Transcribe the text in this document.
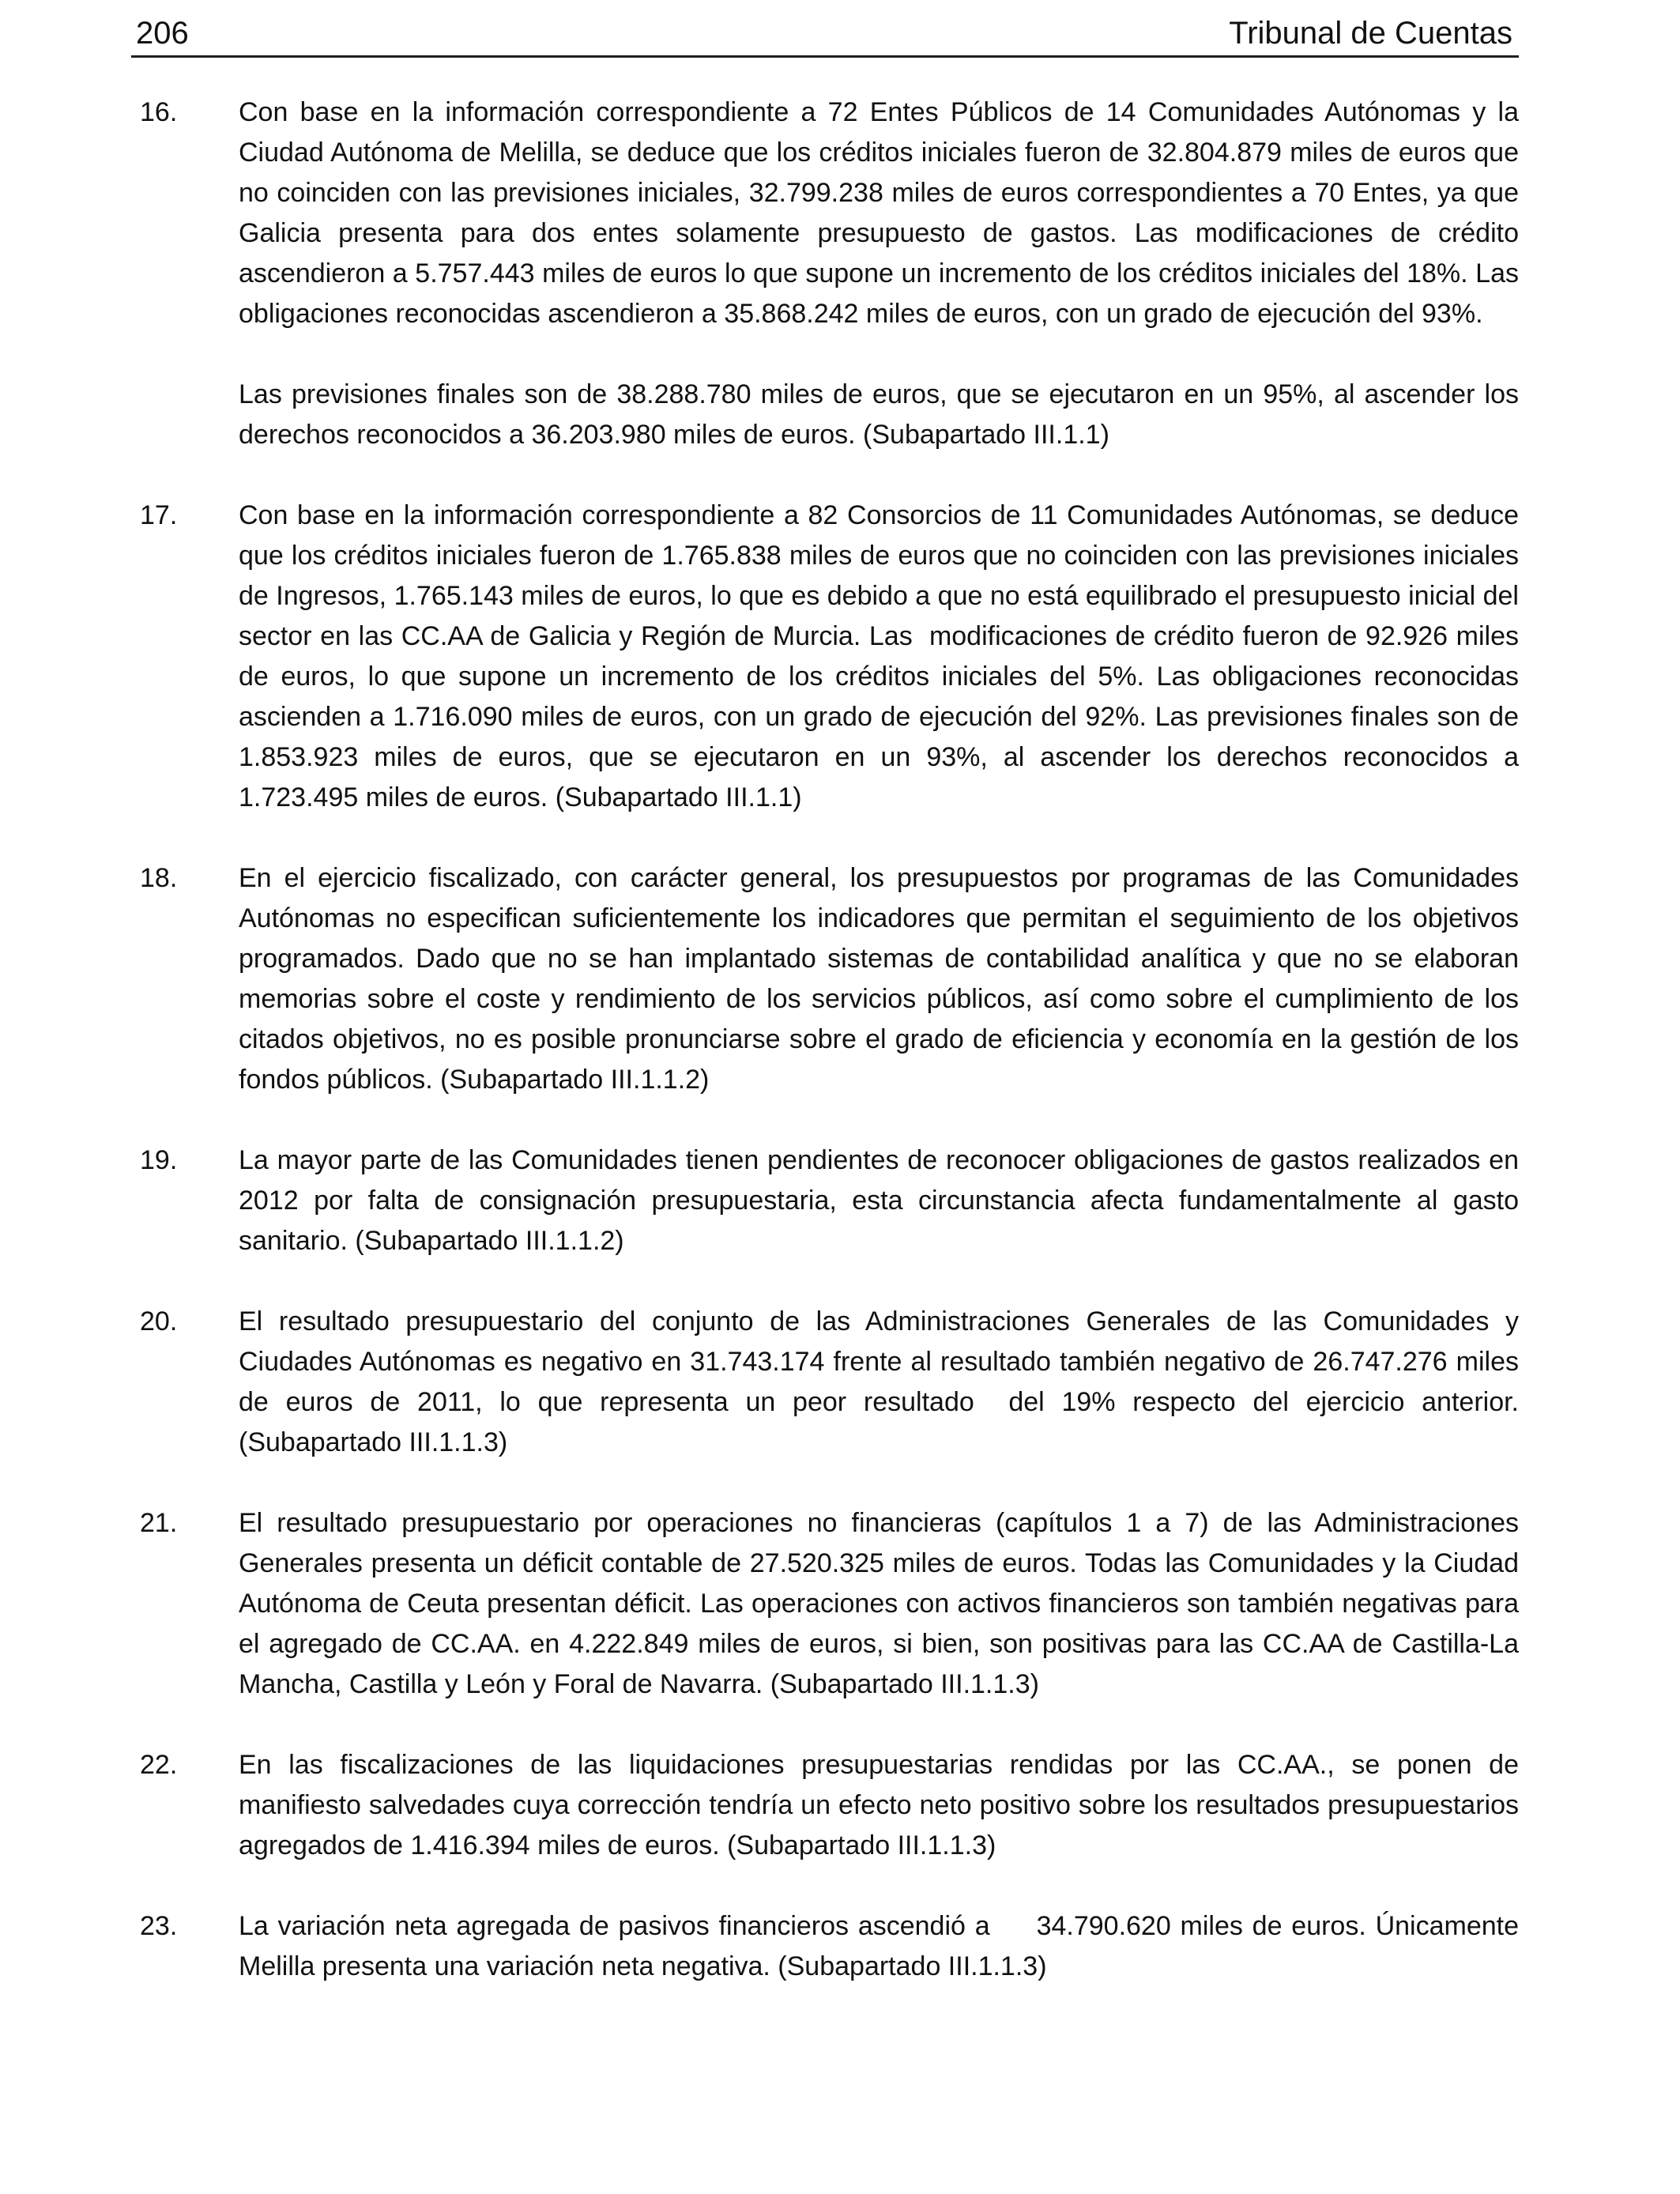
206	Tribunal de Cuentas
16. Con base en la información correspondiente a 72 Entes Públicos de 14 Comunidades Autónomas y la Ciudad Autónoma de Melilla, se deduce que los créditos iniciales fueron de 32.804.879 miles de euros que no coinciden con las previsiones iniciales, 32.799.238 miles de euros correspondientes a 70 Entes, ya que Galicia presenta para dos entes solamente presupuesto de gastos. Las modificaciones de crédito ascendieron a 5.757.443 miles de euros lo que supone un incremento de los créditos iniciales del 18%. Las obligaciones reconocidas ascendieron a 35.868.242 miles de euros, con un grado de ejecución del 93%.

Las previsiones finales son de 38.288.780 miles de euros, que se ejecutaron en un 95%, al ascender los derechos reconocidos a 36.203.980 miles de euros. (Subapartado III.1.1)

17. Con base en la información correspondiente a 82 Consorcios de 11 Comunidades Autónomas, se deduce que los créditos iniciales fueron de 1.765.838 miles de euros que no coinciden con las previsiones iniciales de Ingresos, 1.765.143 miles de euros, lo que es debido a que no está equilibrado el presupuesto inicial del sector en las CC.AA de Galicia y Región de Murcia. Las  modificaciones de crédito fueron de 92.926 miles de euros, lo que supone un incremento de los créditos iniciales del 5%. Las obligaciones reconocidas ascienden a 1.716.090 miles de euros, con un grado de ejecución del 92%. Las previsiones finales son de 1.853.923 miles de euros, que se ejecutaron en un 93%, al ascender los derechos reconocidos a 1.723.495 miles de euros. (Subapartado III.1.1)

18. En el ejercicio fiscalizado, con carácter general, los presupuestos por programas de las Comunidades Autónomas no especifican suficientemente los indicadores que permitan el seguimiento de los objetivos programados. Dado que no se han implantado sistemas de contabilidad analítica y que no se elaboran memorias sobre el coste y rendimiento de los servicios públicos, así como sobre el cumplimiento de los citados objetivos, no es posible pronunciarse sobre el grado de eficiencia y economía en la gestión de los fondos públicos. (Subapartado III.1.1.2)

19. La mayor parte de las Comunidades tienen pendientes de reconocer obligaciones de gastos realizados en 2012 por falta de consignación presupuestaria, esta circunstancia afecta fundamentalmente al gasto sanitario. (Subapartado III.1.1.2)

20. El resultado presupuestario del conjunto de las Administraciones Generales de las Comunidades y Ciudades Autónomas es negativo en 31.743.174 frente al resultado también negativo de 26.747.276 miles de euros de 2011, lo que representa un peor resultado  del 19% respecto del ejercicio anterior. (Subapartado III.1.1.3)

21. El resultado presupuestario por operaciones no financieras (capítulos 1 a 7) de las Administraciones Generales presenta un déficit contable de 27.520.325 miles de euros. Todas las Comunidades y la Ciudad Autónoma de Ceuta presentan déficit. Las operaciones con activos financieros son también negativas para el agregado de CC.AA. en 4.222.849 miles de euros, si bien, son positivas para las CC.AA de Castilla-La Mancha, Castilla y León y Foral de Navarra. (Subapartado III.1.1.3)

22. En las fiscalizaciones de las liquidaciones presupuestarias rendidas por las CC.AA., se ponen de manifiesto salvedades cuya corrección tendría un efecto neto positivo sobre los resultados presupuestarios agregados de 1.416.394 miles de euros. (Subapartado III.1.1.3)

23. La variación neta agregada de pasivos financieros ascendió a     34.790.620 miles de euros. Únicamente Melilla presenta una variación neta negativa. (Subapartado III.1.1.3)
